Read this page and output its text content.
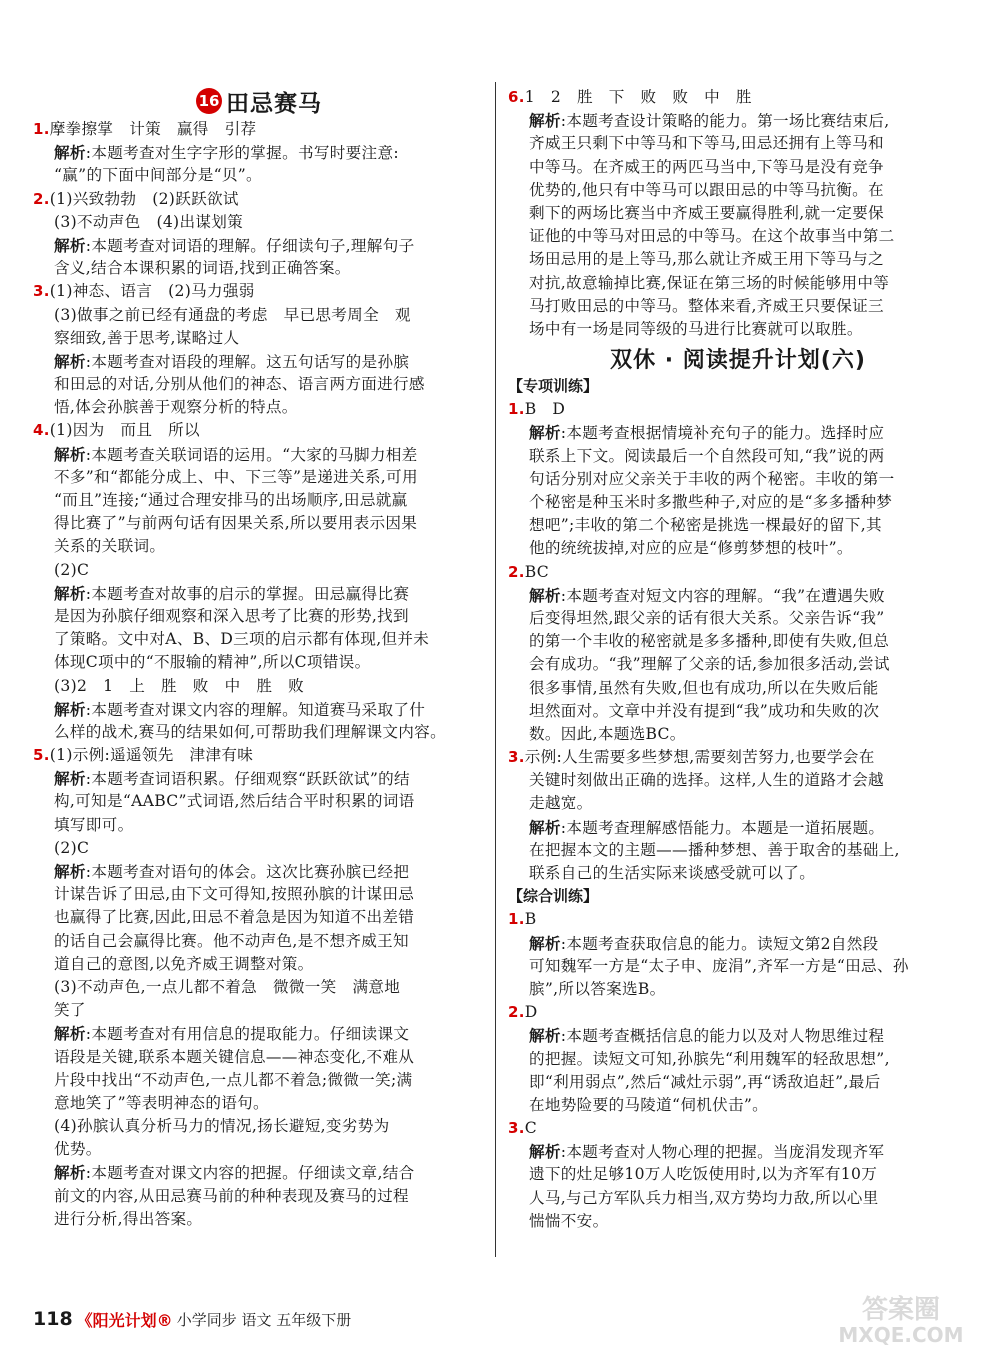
16 田忌赛马
1.摩拳擦掌　计策　赢得　引荐
解析:本题考查对生字字形的掌握。书写时要注意:
“赢”的下面中间部分是“贝”。
2.(1)兴致勃勃　(2)跃跃欲试
(3)不动声色　(4)出谋划策
解析:本题考查对词语的理解。仔细读句子,理解句子
含义,结合本课积累的词语,找到正确答案。
3.(1)神态、语言　(2)马力强弱
(3)做事之前已经有通盘的考虑　早已思考周全　观
察细致,善于思考,谋略过人
解析:本题考查对语段的理解。这五句话写的是孙膑
和田忌的对话,分别从他们的神态、语言两方面进行感
悟,体会孙膑善于观察分析的特点。
4.(1)因为　而且　所以
解析:本题考查关联词语的运用。“大家的马脚力相差
不多”和“都能分成上、中、下三等”是递进关系,可用
“而且”连接;“通过合理安排马的出场顺序,田忌就赢
得比赛了”与前两句话有因果关系,所以要用表示因果
关系的关联词。
(2)C
解析:本题考查对故事的启示的掌握。田忌赢得比赛
是因为孙膑仔细观察和深入思考了比赛的形势,找到
了策略。文中对A、B、D三项的启示都有体现,但并未
体现C项中的“不服输的精神”,所以C项错误。
(3)2　1　上　胜　败　中　胜　败
解析:本题考查对课文内容的理解。知道赛马采取了什
么样的战术,赛马的结果如何,可帮助我们理解课文内容。
5.(1)示例:遥遥领先　津津有味
解析:本题考查词语积累。仔细观察“跃跃欲试”的结
构,可知是“AABC”式词语,然后结合平时积累的词语
填写即可。
(2)C
解析:本题考查对语句的体会。这次比赛孙膑已经把
计谋告诉了田忌,由下文可得知,按照孙膑的计谋田忌
也赢得了比赛,因此,田忌不着急是因为知道不出差错
的话自己会赢得比赛。他不动声色,是不想齐威王知
道自己的意图,以免齐威王调整对策。
(3)不动声色,一点儿都不着急　微微一笑　满意地
笑了
解析:本题考查对有用信息的提取能力。仔细读课文
语段是关键,联系本题关键信息——神态变化,不难从
片段中找出“不动声色,一点儿都不着急;微微一笑;满
意地笑了”等表明神态的语句。
(4)孙膑认真分析马力的情况,扬长避短,变劣势为
优势。
解析:本题考查对课文内容的把握。仔细读文章,结合
前文的内容,从田忌赛马前的种种表现及赛马的过程
进行分析,得出答案。
6.1　2　胜　下　败　败　中　胜
解析:本题考查设计策略的能力。第一场比赛结束后,
齐威王只剩下中等马和下等马,田忌还拥有上等马和
中等马。在齐威王的两匹马当中,下等马是没有竞争
优势的,他只有中等马可以跟田忌的中等马抗衡。在
剩下的两场比赛当中齐威王要赢得胜利,就一定要保
证他的中等马对田忌的中等马。在这个故事当中第二
场田忌用的是上等马,那么就让齐威王用下等马与之
对抗,故意输掉比赛,保证在第三场的时候能够用中等
马打败田忌的中等马。整体来看,齐威王只要保证三
场中有一场是同等级的马进行比赛就可以取胜。
双休 · 阅读提升计划(六)
【专项训练】
1.B　D
解析:本题考查根据情境补充句子的能力。选择时应
联系上下文。阅读最后一个自然段可知,“我”说的两
句话分别对应父亲关于丰收的两个秘密。丰收的第一
个秘密是种玉米时多撒些种子,对应的是“多多播种梦
想吧”;丰收的第二个秘密是挑选一棵最好的留下,其
他的统统拔掉,对应的应是“修剪梦想的枝叶”。
2.BC
解析:本题考查对短文内容的理解。“我”在遭遇失败
后变得坦然,跟父亲的话有很大关系。父亲告诉“我”
的第一个丰收的秘密就是多多播种,即使有失败,但总
会有成功。“我”理解了父亲的话,参加很多活动,尝试
很多事情,虽然有失败,但也有成功,所以在失败后能
坦然面对。文章中并没有提到“我”成功和失败的次
数。因此,本题选BC。
3.示例:人生需要多些梦想,需要刻苦努力,也要学会在
关键时刻做出正确的选择。这样,人生的道路才会越
走越宽。
解析:本题考查理解感悟能力。本题是一道拓展题。
在把握本文的主题——播种梦想、善于取舍的基础上,
联系自己的生活实际来谈感受就可以了。
【综合训练】
1.B
解析:本题考查获取信息的能力。读短文第2自然段
可知魏军一方是“太子申、庞涓”,齐军一方是“田忌、孙
膑”,所以答案选B。
2.D
解析:本题考查概括信息的能力以及对人物思维过程
的把握。读短文可知,孙膑先“利用魏军的轻敌思想”,
即“利用弱点”,然后“减灶示弱”,再“诱敌追赶”,最后
在地势险要的马陵道“伺机伏击”。
3.C
解析:本题考查对人物心理的把握。当庞涓发现齐军
遗下的灶足够10万人吃饭使用时,以为齐军有10万
人马,与己方军队兵力相当,双方势均力敌,所以心里
惴惴不安。
118 《阳光计划® 小学同步 语文 五年级下册	答案圈
MXQE.COM
